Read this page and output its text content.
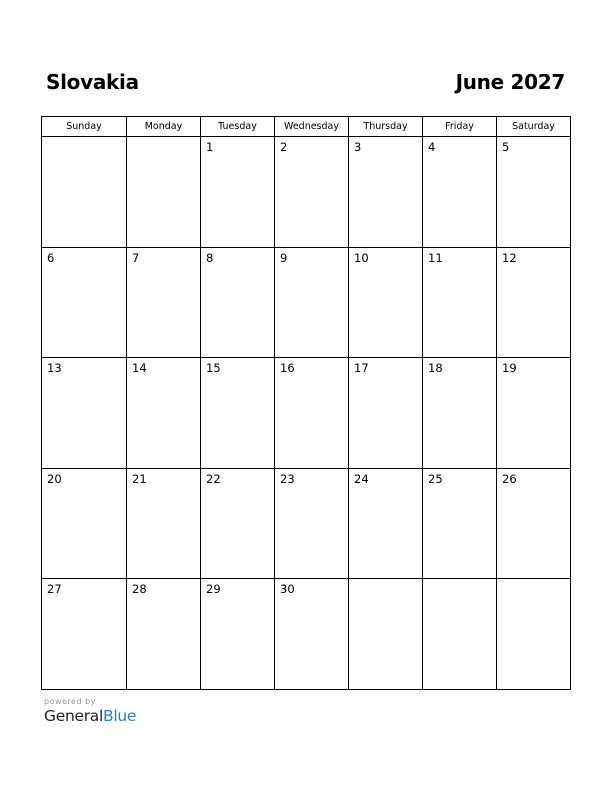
Slovakia	June 2027
Sunday	Monday	Tuesday	Wednesday	Thursday	Friday	Saturday

		1	2	3	4	5

6	7	8	9	10	11	12

13	14	15	16	17	18	19

20	21	22	23	24	25	26

27	28	29	30			

powered by
GeneralBlue
